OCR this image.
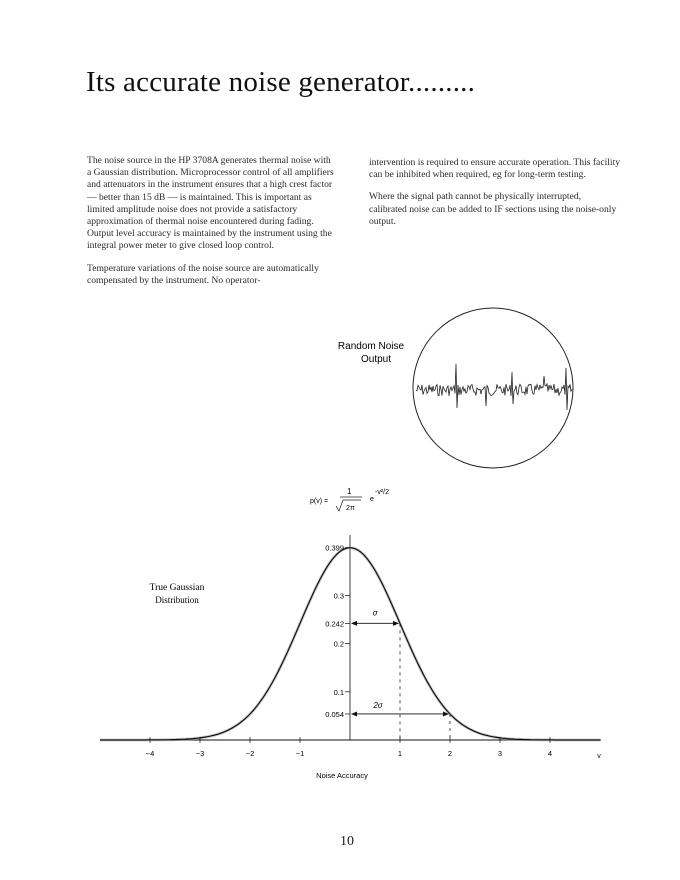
Its accurate noise generator.........

The noise source in the HP 3708A generates thermal noise with a Gaussian distribution. Microprocessor control of all amplifiers and attenuators in the instrument ensures that a high crest factor — better than 15 dB — is maintained. This is important as limited amplitude noise does not provide a satisfactory approximation of thermal noise encountered during fading. Output level accuracy is maintained by the instrument using the integral power meter to give closed loop control.

Temperature variations of the noise source are automatically compensated by the instrument. No operator-

intervention is required to ensure accurate operation. This facility can be inhibited when required, eg for long-term testing.

Where the signal path cannot be physically interrupted, calibrated noise can be added to IF sections using the noise-only output.

Random Noise
Output
p(v) =
1
2π
e
-v²/2
σ
2σ
−4	−3	−2	−1	1	2	3	4
0.399
0.3
0.242
0.2
0.1
0.054
True Gaussian
Distribution
Noise Accuracy
v
10
